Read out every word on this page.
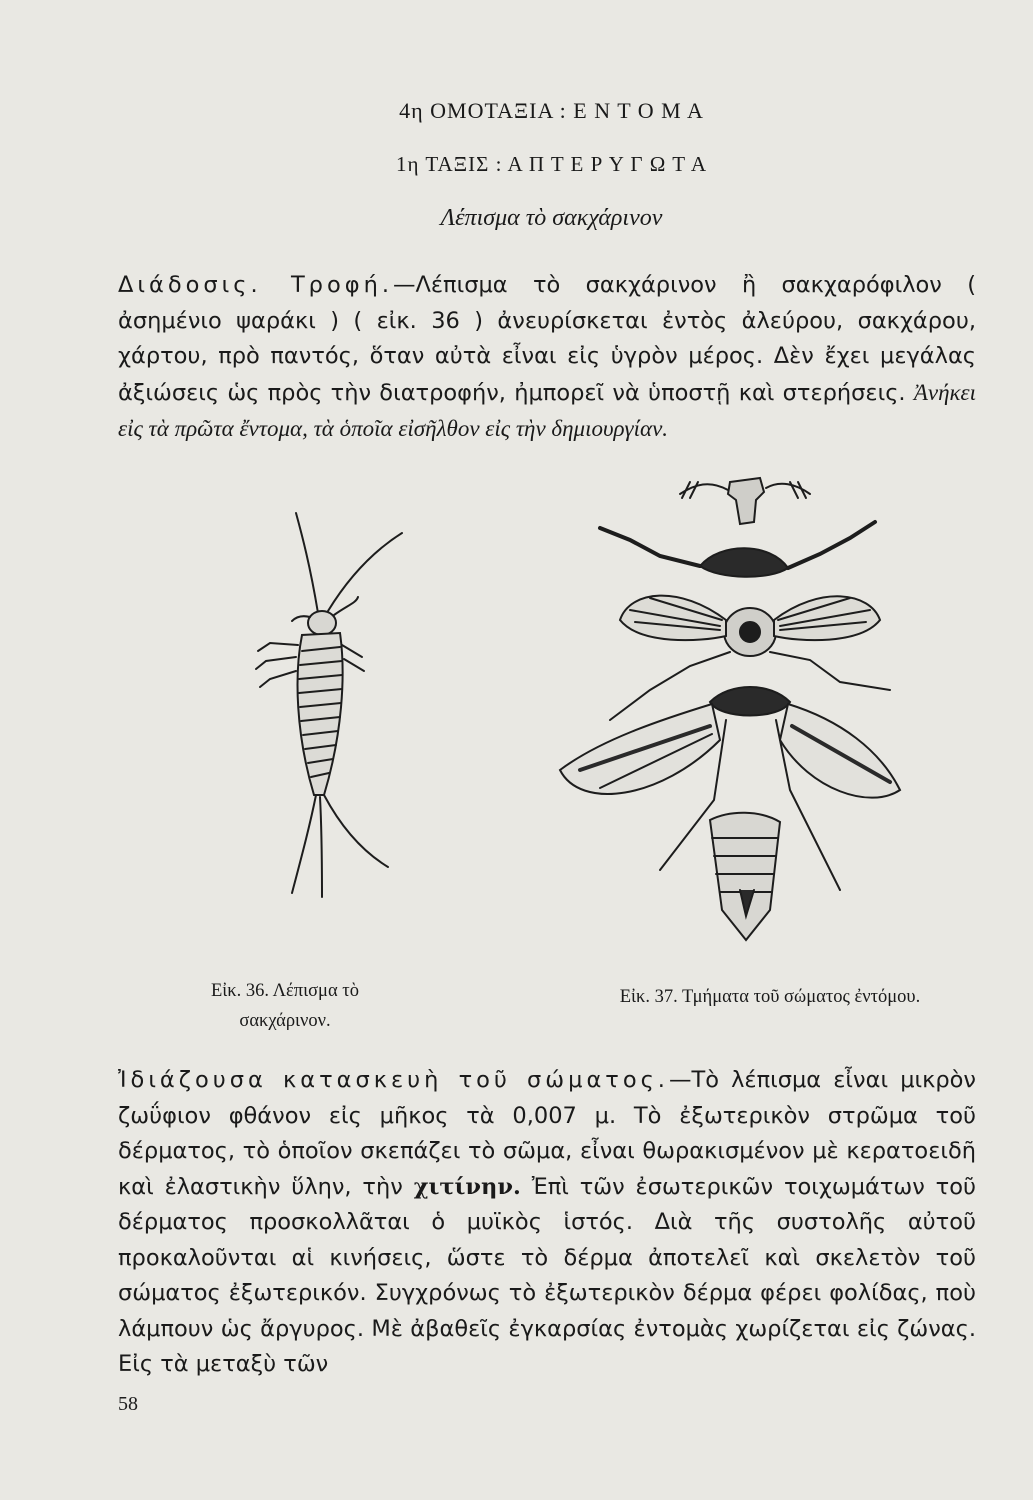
4η ΟΜΟΤΑΞΙΑ : Ε Ν Τ Ο Μ Α
1η ΤΑΞΙΣ : Α Π Τ Ε Ρ Υ Γ Ω Τ Α
Λέπισμα τὸ σακχάρινον

Διάδοσις. Τροφή.—Λέπισμα τὸ σακχάρινον ἢ σακχαρόφιλον ( ἀσημένιο ψαράκι ) ( εἰκ. 36 ) ἀνευρίσκεται ἐντὸς ἀλεύρου, σακχάρου, χάρτου, πρὸ παντός, ὅταν αὐτὰ εἶναι εἰς ὑγρὸν μέρος. Δὲν ἔχει μεγάλας ἀξιώσεις ὡς πρὸς τὴν διατροφήν, ἠμπορεῖ νὰ ὑποστῇ καὶ στερήσεις. Ἀνήκει εἰς τὰ πρῶτα ἔντομα, τὰ ὁποῖα εἰσῆλθον εἰς τὴν δημιουργίαν.

Εἰκ. 36. Λέπισμα τὸ σακχάρινον.
Εἰκ. 37. Τμήματα τοῦ σώματος ἐντόμου.

Ἰδιάζουσα κατασκευὴ τοῦ σώματος.—Τὸ λέπισμα εἶναι μικρὸν ζωΰφιον φθάνον εἰς μῆκος τὰ 0,007 μ. Τὸ ἐξωτερικὸν στρῶμα τοῦ δέρματος, τὸ ὁποῖον σκεπάζει τὸ σῶμα, εἶναι θωρακισμένον μὲ κερατοειδῆ καὶ ἐλαστικὴν ὕλην, τὴν χιτίνην. Ἐπὶ τῶν ἐσωτερικῶν τοιχωμάτων τοῦ δέρματος προσκολλᾶται ὁ μυϊκὸς ἱστός. Διὰ τῆς συστολῆς αὐτοῦ προκαλοῦνται αἱ κινήσεις, ὥστε τὸ δέρμα ἀποτελεῖ καὶ σκελετὸν τοῦ σώματος ἐξωτερικόν. Συγχρόνως τὸ ἐξωτερικὸν δέρμα φέρει φολίδας, ποὺ λάμπουν ὡς ἄργυρος. Μὲ ἀβαθεῖς ἐγκαρσίας ἐντομὰς χωρίζεται εἰς ζώνας. Εἰς τὰ μεταξὺ τῶν

58
